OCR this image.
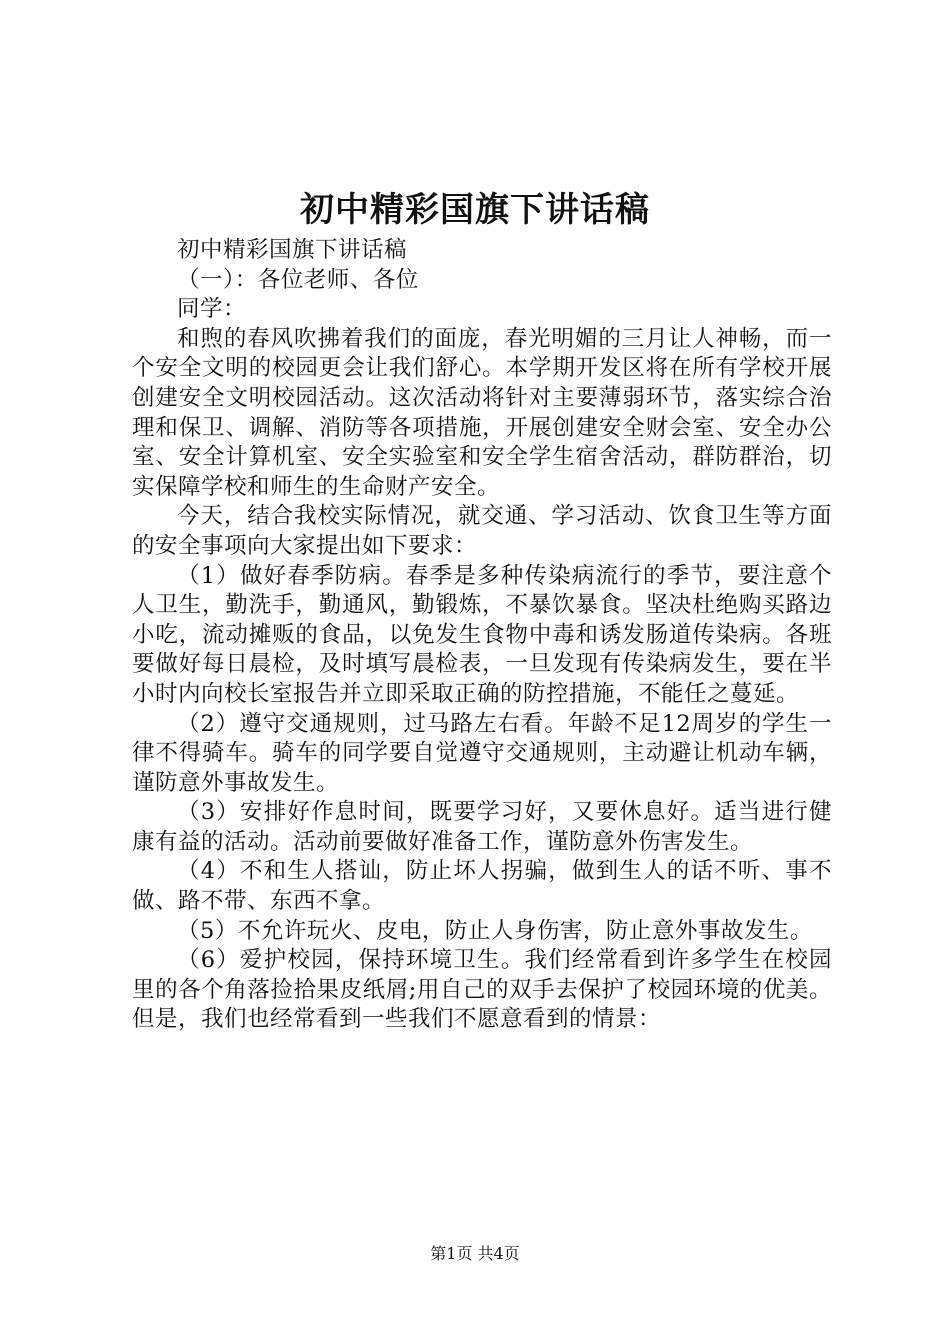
初中精彩国旗下讲话稿

初中精彩国旗下讲话稿

（一）：各位老师、各位

同学：

和煦的春风吹拂着我们的面庞，春光明媚的三月让人神畅，而一个安全文明的校园更会让我们舒心。本学期开发区将在所有学校开展创建安全文明校园活动。这次活动将针对主要薄弱环节，落实综合治理和保卫、调解、消防等各项措施，开展创建安全财会室、安全办公室、安全计算机室、安全实验室和安全学生宿舍活动，群防群治，切实保障学校和师生的生命财产安全。

今天，结合我校实际情况，就交通、学习活动、饮食卫生等方面的安全事项向大家提出如下要求：

（1）做好春季防病。春季是多种传染病流行的季节，要注意个人卫生，勤洗手，勤通风，勤锻炼，不暴饮暴食。坚决杜绝购买路边小吃，流动摊贩的食品，以免发生食物中毒和诱发肠道传染病。各班要做好每日晨检，及时填写晨检表，一旦发现有传染病发生，要在半小时内向校长室报告并立即采取正确的防控措施，不能任之蔓延。

（2）遵守交通规则，过马路左右看。年龄不足12周岁的学生一律不得骑车。骑车的同学要自觉遵守交通规则，主动避让机动车辆，谨防意外事故发生。

（3）安排好作息时间，既要学习好，又要休息好。适当进行健康有益的活动。活动前要做好准备工作，谨防意外伤害发生。

（4）不和生人搭讪，防止坏人拐骗，做到生人的话不听、事不做、路不带、东西不拿。

（5）不允许玩火、皮电，防止人身伤害，防止意外事故发生。

（6）爱护校园，保持环境卫生。我们经常看到许多学生在校园里的各个角落捡拾果皮纸屑;用自己的双手去保护了校园环境的优美。但是，我们也经常看到一些我们不愿意看到的情景：

第1页 共4页
